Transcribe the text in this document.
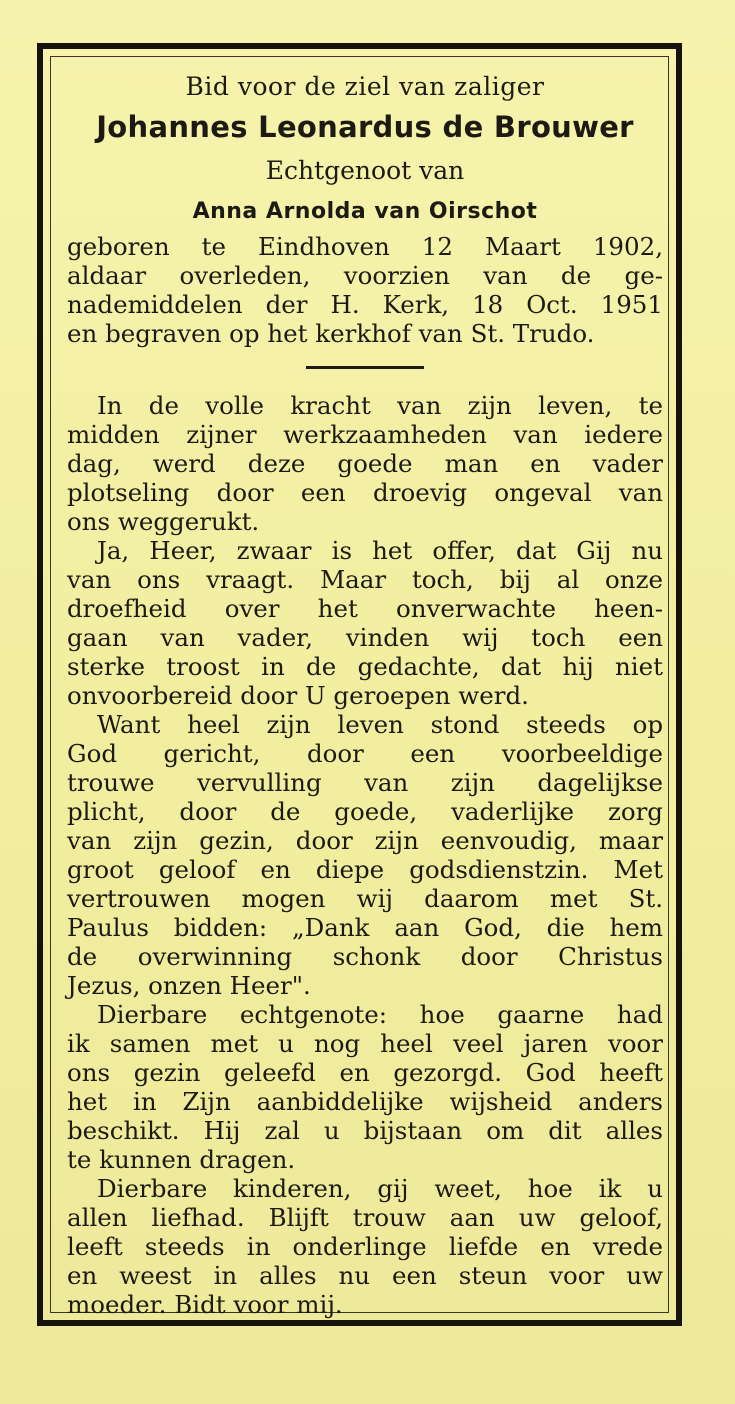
Bid voor de ziel van zaliger
Johannes Leonardus de Brouwer
Echtgenoot van
Anna Arnolda van Oirschot
geboren te Eindhoven 12 Maart 1902,
aldaar overleden, voorzien van de ge-
nademiddelen der H. Kerk, 18 Oct. 1951
en begraven op het kerkhof van St. Trudo.
In de volle kracht van zijn leven, te
midden zijner werkzaamheden van iedere
dag, werd deze goede man en vader
plotseling door een droevig ongeval van
ons weggerukt.
Ja, Heer, zwaar is het offer, dat Gij nu
van ons vraagt. Maar toch, bij al onze
droefheid over het onverwachte heen-
gaan van vader, vinden wij toch een
sterke troost in de gedachte, dat hij niet
onvoorbereid door U geroepen werd.
Want heel zijn leven stond steeds op
God gericht, door een voorbeeldige
trouwe vervulling van zijn dagelijkse
plicht, door de goede, vaderlijke zorg
van zijn gezin, door zijn eenvoudig, maar
groot geloof en diepe godsdienstzin. Met
vertrouwen mogen wij daarom met St.
Paulus bidden: „Dank aan God, die hem
de overwinning schonk door Christus
Jezus, onzen Heer".
Dierbare echtgenote: hoe gaarne had
ik samen met u nog heel veel jaren voor
ons gezin geleefd en gezorgd. God heeft
het in Zijn aanbiddelijke wijsheid anders
beschikt. Hij zal u bijstaan om dit alles
te kunnen dragen.
Dierbare kinderen, gij weet, hoe ik u
allen liefhad. Blijft trouw aan uw geloof,
leeft steeds in onderlinge liefde en vrede
en weest in alles nu een steun voor uw
moeder. Bidt voor mij.
